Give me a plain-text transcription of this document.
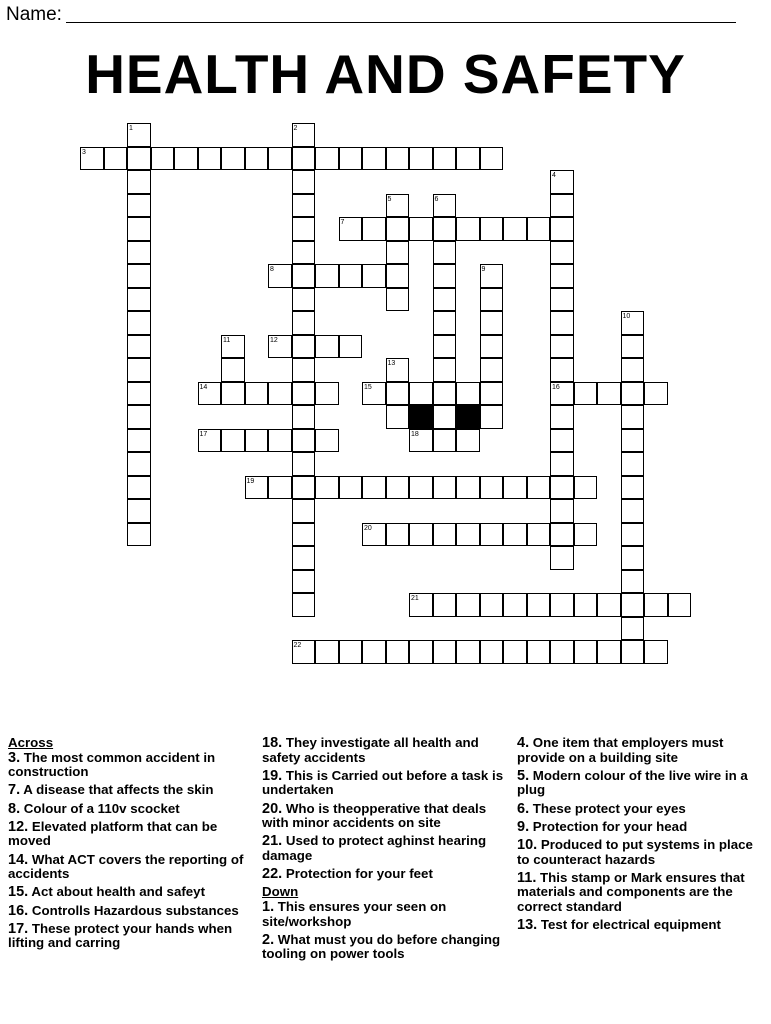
Name:
HEALTH AND SAFETY
1	2
3
4
5	6
7
8	9
10
11	12
13
14	15	16
17	18
19
20
21
22
Across
3. The most common accident in construction
7. A disease that affects the skin
8. Colour of a 110v scocket
12. Elevated platform that can be moved
14. What ACT covers the reporting of accidents
15. Act about health and safeyt
16. Controlls Hazardous substances
17. These protect your hands when lifting and carring
18. They investigate all health and safety accidents
19. This is Carried out before a task is undertaken
20. Who is theopperative that deals with minor accidents on site
21. Used to protect aghinst hearing damage
22. Protection for your feet
Down
1. This ensures your seen on site/workshop
2. What must you do before changing tooling on power tools
4. One item that employers must provide on a building site
5. Modern colour of the live wire in a plug
6. These protect your eyes
9. Protection for your head
10. Produced to put systems in place to counteract hazards
11. This stamp or Mark ensures that materials and components are the correct standard
13. Test for electrical equipment
